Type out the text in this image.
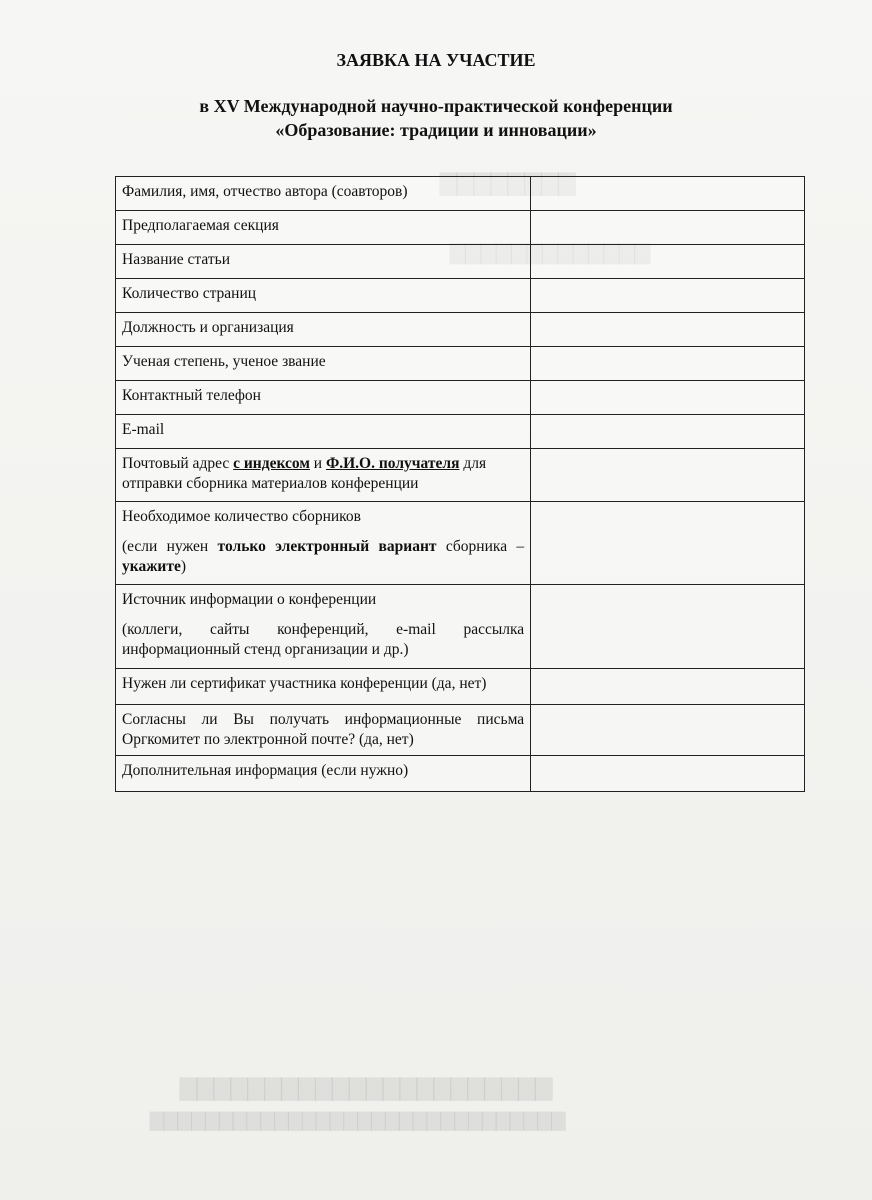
▇▇▇▇▇▇▇▇
▇▇▇▇▇▇▇▇▇▇▇▇▇
▇▇▇▇▇▇▇▇▇▇▇▇▇▇▇▇▇▇▇▇▇▇
▇▇▇▇▇▇▇▇▇▇▇▇▇▇▇▇▇▇▇▇▇▇▇▇▇▇▇▇▇▇
ЗАЯВКА НА УЧАСТИЕ
в XV Международной научно-практической конференции
«Образование: традиции и инновации»
Фамилия, имя, отчество автора (соавторов)	
Предполагаемая секция	
Название статьи	
Количество страниц	
Должность и организация	
Ученая степень, ученое звание	
Контактный телефон	
E-mail	
Почтовый адрес с индексом и Ф.И.О. получателя для отправки сборника материалов конференции	

Необходимое количество сборников
(если нужен только электронный вариант сборника – укажите)	

Источник информации о конференции
(коллеги, сайты конференций, e-mail рассылка информационный стенд организации и др.)	

Нужен ли сертификат участника конференции (да, нет)	
Согласны ли Вы получать информационные письма Оргкомитет по электронной почте? (да, нет)	
Дополнительная информация (если нужно)	
